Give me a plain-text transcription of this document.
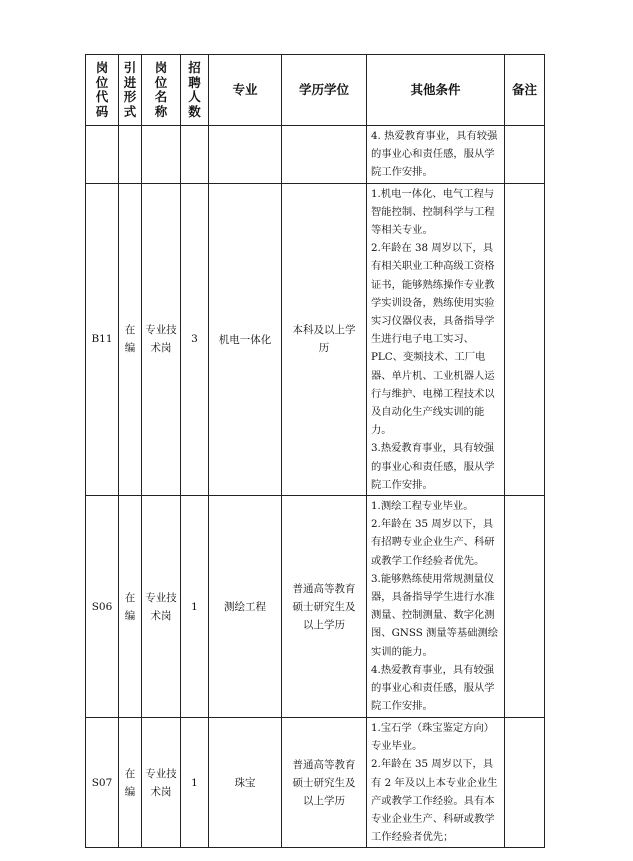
岗位代码	引进形式	岗位名称	招聘人数	专业	学历学位	其他条件	备注

						4. 热爱教育事业，具有较强的事业心和责任感，服从学院工作安排。	

B11	在编	专业技术岗	3	机电一体化	本科及以上学历	1.机电一体化、电气工程与智能控制、控制科学与工程等相关专业。

2.年龄在 38 周岁以下，具有相关职业工种高级工资格证书，能够熟练操作专业教学实训设备，熟练使用实验实习仪器仪表，具备指导学生进行电子电工实习、PLC、变频技术、工厂电器、单片机、工业机器人运行与维护、电梯工程技术以及自动化生产线实训的能力。

3.热爱教育事业，具有较强的事业心和责任感，服从学院工作安排。	

S06	在编	专业技术岗	1	测绘工程	普通高等教育硕士研究生及以上学历	1.测绘工程专业毕业。

2.年龄在 35 周岁以下，具有招聘专业企业生产、科研或教学工作经验者优先。

3.能够熟练使用常规测量仪器，具备指导学生进行水准测量、控制测量、数字化测图、GNSS 测量等基础测绘实训的能力。

4.热爱教育事业，具有较强的事业心和责任感，服从学院工作安排。	

S07	在编	专业技术岗	1	珠宝	普通高等教育硕士研究生及以上学历	1.宝石学（珠宝鉴定方向）专业毕业。

2.年龄在 35 周岁以下，具有 2 年及以上本专业企业生产或教学工作经验。具有本专业企业生产、科研或教学工作经验者优先；	
